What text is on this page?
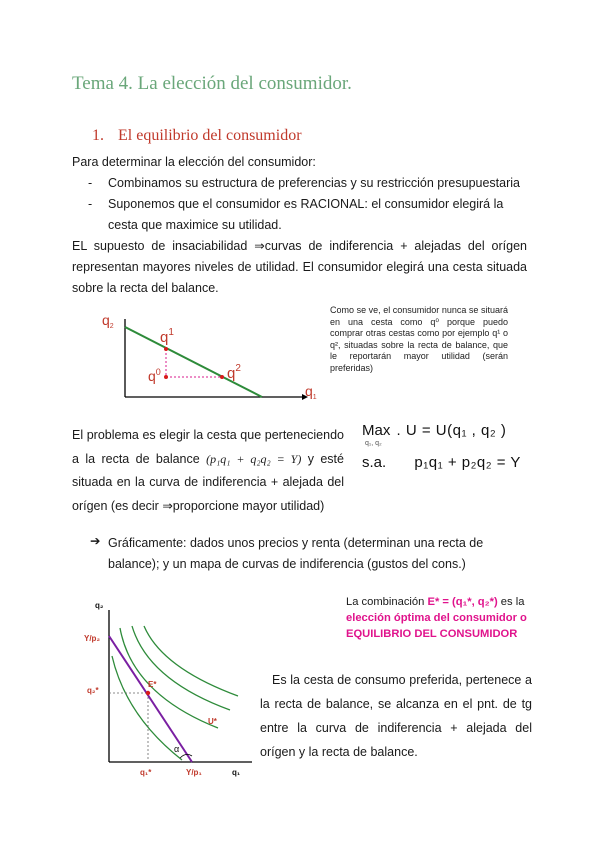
Tema 4. La elección del consumidor.
1. El equilibrio del consumidor
Para determinar la elección del consumidor:
- Combinamos su estructura de preferencias y su restricción presupuestaria
- Suponemos que el consumidor es RACIONAL: el consumidor elegirá la cesta que maximice su utilidad.
EL supuesto de insaciabilidad ⇒curvas de indiferencia + alejadas del orígen representan mayores niveles de utilidad. El consumidor elegirá una cesta situada sobre la recta del balance.
$q_2$
$q_1$
$q^1$
$q^0$	$q^2$
Como se ve, el consumidor nunca se situará en una cesta como q⁰ porque puedo comprar otras cestas como por ejemplo q¹ o q², situadas sobre la recta de balance, que le reportarán mayor utilidad (serán preferidas)
El problema es elegir la cesta que perteneciendo a la recta de balance (p₁q₁ + q₂q₂ = Y) y esté situada en la curva de indiferencia + alejada del orígen (es decir ⇒proporcione mayor utilidad)
Max . U = U(q₁ , q₂ )
q₁, q₂
s.a. p₁q₁ + p₂q₂ = Y
➔ Gráficamente: dados unos precios y renta (determinan una recta de balance); y un mapa de curvas de indiferencia (gustos del cons.)
q₂
Y/p₂
q₂*
E*
U*
α
q₁*	Y/p₁	q₁
La combinación E* = (q₁*, q₂*) es la
elección óptima del consumidor o
EQUILIBRIO DEL CONSUMIDOR
Es la cesta de consumo preferida, pertenece a la recta de balance, se alcanza en el pnt. de tg entre la curva de indiferencia + alejada del orígen y la recta de balance.
